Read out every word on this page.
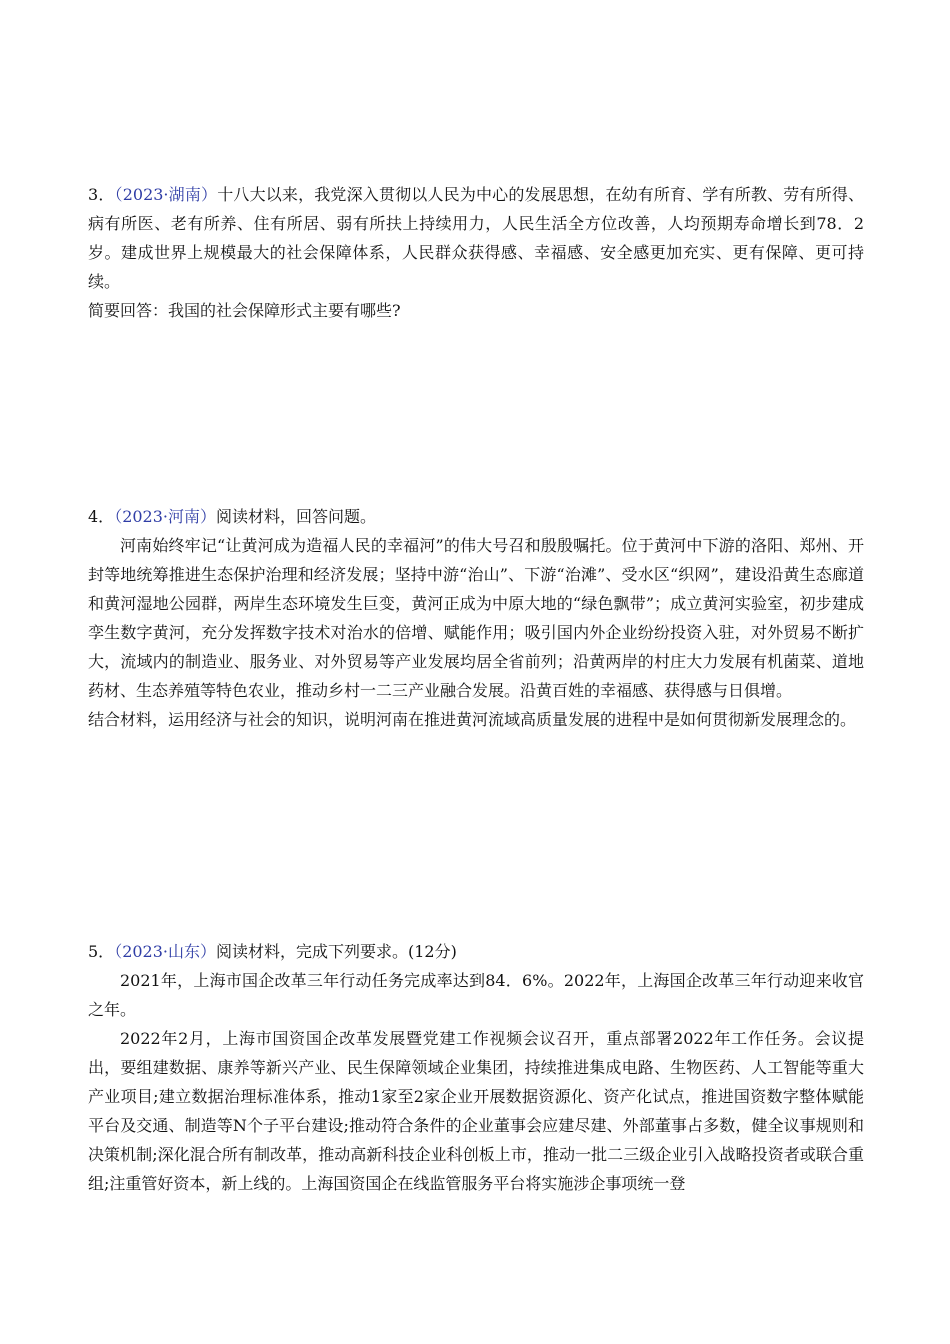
3．（2023·湖南）十八大以来，我党深入贯彻以人民为中心的发展思想，在幼有所育、学有所教、劳有所得、病有所医、老有所养、住有所居、弱有所扶上持续用力，人民生活全方位改善，人均预期寿命增长到78．2岁。建成世界上规模最大的社会保障体系，人民群众获得感、幸福感、安全感更加充实、更有保障、更可持续。

简要回答：我国的社会保障形式主要有哪些?

4．（2023·河南）阅读材料，回答问题。

河南始终牢记“让黄河成为造福人民的幸福河”的伟大号召和殷殷嘱托。位于黄河中下游的洛阳、郑州、开封等地统筹推进生态保护治理和经济发展；坚持中游“治山”、下游“治滩”、受水区“织网”，建设沿黄生态廊道和黄河湿地公园群，两岸生态环境发生巨变，黄河正成为中原大地的“绿色飘带”；成立黄河实验室，初步建成孪生数字黄河，充分发挥数字技术对治水的倍增、赋能作用；吸引国内外企业纷纷投资入驻，对外贸易不断扩大，流域内的制造业、服务业、对外贸易等产业发展均居全省前列；沿黄两岸的村庄大力发展有机菌菜、道地药材、生态养殖等特色农业，推动乡村一二三产业融合发展。沿黄百姓的幸福感、获得感与日俱增。

结合材料，运用经济与社会的知识，说明河南在推进黄河流域高质量发展的进程中是如何贯彻新发展理念的。

5．（2023·山东）阅读材料，完成下列要求。(12分)

2021年，上海市国企改革三年行动任务完成率达到84．6%。2022年，上海国企改革三年行动迎来收官之年。

2022年2月，上海市国资国企改革发展暨党建工作视频会议召开，重点部署2022年工作任务。会议提出，要组建数据、康养等新兴产业、民生保障领域企业集团，持续推进集成电路、生物医药、人工智能等重大产业项目;建立数据治理标准体系，推动1家至2家企业开展数据资源化、资产化试点，推进国资数字整体赋能平台及交通、制造等N个子平台建设;推动符合条件的企业董事会应建尽建、外部董事占多数，健全议事规则和决策机制;深化混合所有制改革，推动高新科技企业科创板上市，推动一批二三级企业引入战略投资者或联合重组;注重管好资本，新上线的。上海国资国企在线监管服务平台将实施涉企事项统一登
